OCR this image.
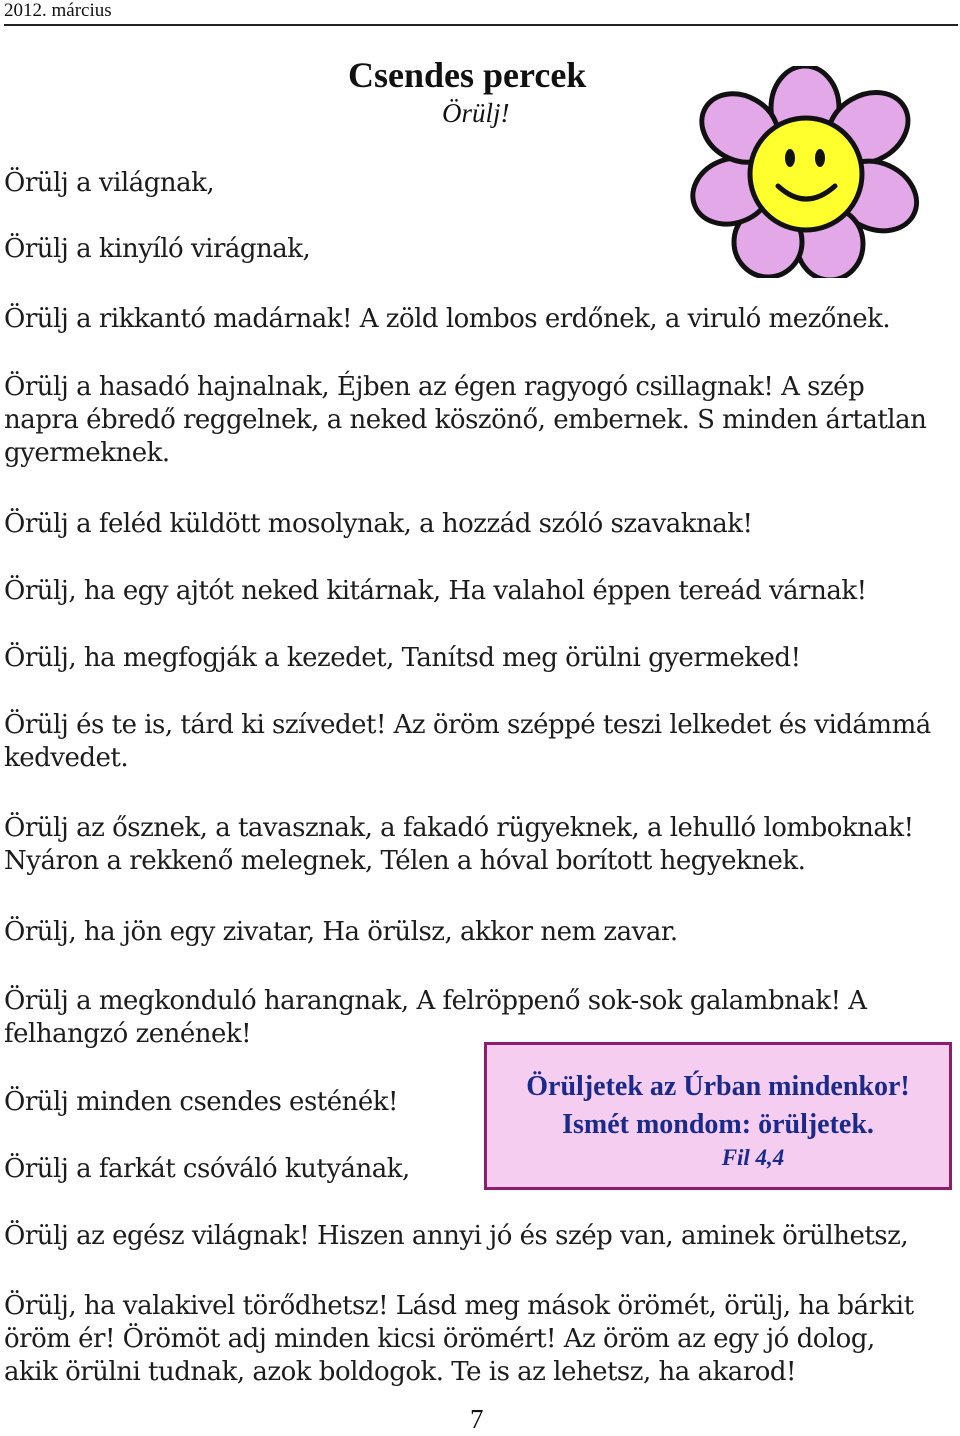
2012. március
Csendes percek
Örülj!
Örülj a világnak,
Örülj a kinyíló virágnak,
Örülj a rikkantó madárnak! A zöld lombos erdőnek, a viruló mezőnek.
Örülj a hasadó hajnalnak, Éjben az égen ragyogó csillagnak! A szép
napra ébredő reggelnek, a neked köszönő, embernek. S minden ártatlan
gyermeknek.
Örülj a feléd küldött mosolynak, a hozzád szóló szavaknak!
Örülj, ha egy ajtót neked kitárnak, Ha valahol éppen tereád várnak!
Örülj, ha megfogják a kezedet, Tanítsd meg örülni gyermeked!
Örülj és te is, tárd ki szívedet! Az öröm széppé teszi lelkedet és vidámmá
kedvedet.
Örülj az ősznek, a tavasznak, a fakadó rügyeknek, a lehulló lomboknak!
Nyáron a rekkenő melegnek, Télen a hóval borított hegyeknek.
Örülj, ha jön egy zivatar, Ha örülsz, akkor nem zavar.
Örülj a megkonduló harangnak, A felröppenő sok-sok galambnak! A
felhangzó zenének!
Örülj minden csendes esténék!
Örülj a farkát csóváló kutyának,
Örülj az egész világnak! Hiszen annyi jó és szép van, aminek örülhetsz,
Örülj, ha valakivel törődhetsz! Lásd meg mások örömét, örülj, ha bárkit
öröm ér! Örömöt adj minden kicsi örömért! Az öröm az egy jó dolog,
akik örülni tudnak, azok boldogok. Te is az lehetsz, ha akarod!
Örüljetek az Úrban mindenkor!
Ismét mondom: örüljetek.
Fil 4,4
7
